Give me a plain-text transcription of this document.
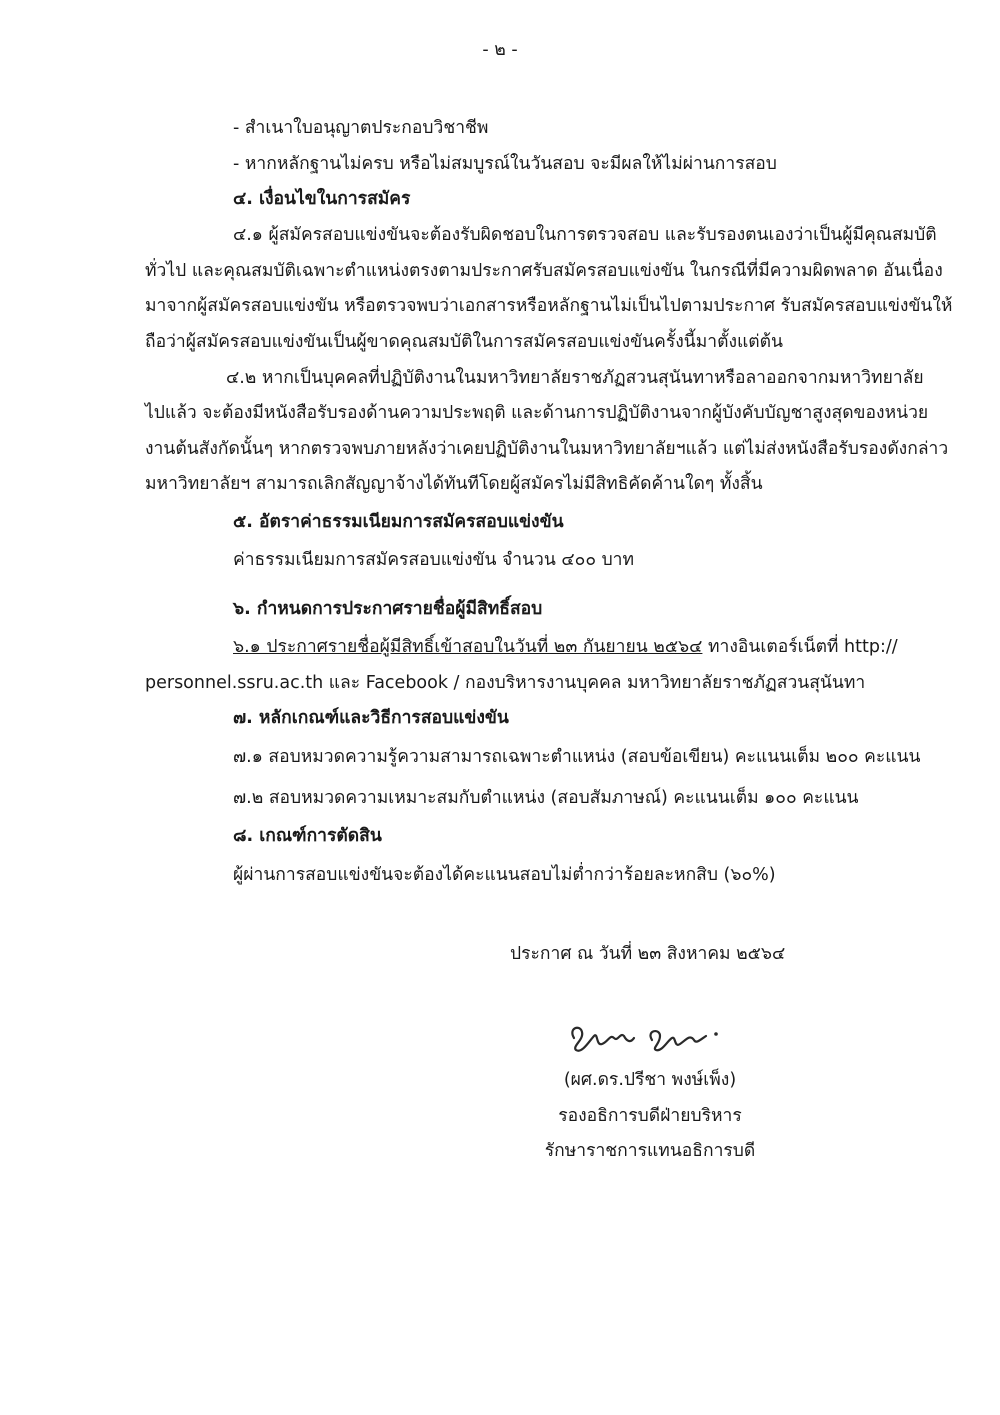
- ๒ -
- สำเนาใบอนุญาตประกอบวิชาชีพ
- หากหลักฐานไม่ครบ หรือไม่สมบูรณ์ในวันสอบ จะมีผลให้ไม่ผ่านการสอบ
๔. เงื่อนไขในการสมัคร
๔.๑ ผู้สมัครสอบแข่งขันจะต้องรับผิดชอบในการตรวจสอบ และรับรองตนเองว่าเป็นผู้มีคุณสมบัติ
ทั่วไป และคุณสมบัติเฉพาะตำแหน่งตรงตามประกาศรับสมัครสอบแข่งขัน ในกรณีที่มีความผิดพลาด อันเนื่อง
มาจากผู้สมัครสอบแข่งขัน หรือตรวจพบว่าเอกสารหรือหลักฐานไม่เป็นไปตามประกาศ รับสมัครสอบแข่งขันให้
ถือว่าผู้สมัครสอบแข่งขันเป็นผู้ขาดคุณสมบัติในการสมัครสอบแข่งขันครั้งนี้มาตั้งแต่ต้น
๔.๒ หากเป็นบุคคลที่ปฏิบัติงานในมหาวิทยาลัยราชภัฏสวนสุนันทาหรือลาออกจากมหาวิทยาลัย
ไปแล้ว จะต้องมีหนังสือรับรองด้านความประพฤติ และด้านการปฏิบัติงานจากผู้บังคับบัญชาสูงสุดของหน่วย
งานต้นสังกัดนั้นๆ หากตรวจพบภายหลังว่าเคยปฏิบัติงานในมหาวิทยาลัยฯแล้ว แต่ไม่ส่งหนังสือรับรองดังกล่าว
มหาวิทยาลัยฯ สามารถเลิกสัญญาจ้างได้ทันทีโดยผู้สมัครไม่มีสิทธิคัดค้านใดๆ ทั้งสิ้น
๕. อัตราค่าธรรมเนียมการสมัครสอบแข่งขัน
ค่าธรรมเนียมการสมัครสอบแข่งขัน จำนวน ๔๐๐ บาท
๖. กำหนดการประกาศรายชื่อผู้มีสิทธิ์สอบ
๖.๑ ประกาศรายชื่อผู้มีสิทธิ์เข้าสอบในวันที่ ๒๓ กันยายน ๒๕๖๔ ทางอินเตอร์เน็ตที่ http://
personnel.ssru.ac.th และ Facebook / กองบริหารงานบุคคล มหาวิทยาลัยราชภัฏสวนสุนันทา
๗. หลักเกณฑ์และวิธีการสอบแข่งขัน
๗.๑ สอบหมวดความรู้ความสามารถเฉพาะตำแหน่ง (สอบข้อเขียน) คะแนนเต็ม ๒๐๐ คะแนน
๗.๒ สอบหมวดความเหมาะสมกับตำแหน่ง (สอบสัมภาษณ์) คะแนนเต็ม ๑๐๐ คะแนน
๘. เกณฑ์การตัดสิน
ผู้ผ่านการสอบแข่งขันจะต้องได้คะแนนสอบไม่ต่ำกว่าร้อยละหกสิบ (๖๐%)
ประกาศ ณ วันที่ ๒๓ สิงหาคม ๒๕๖๔
(ผศ.ดร.ปรีชา พงษ์เพ็ง)
รองอธิการบดีฝ่ายบริหาร
รักษาราชการแทนอธิการบดี
